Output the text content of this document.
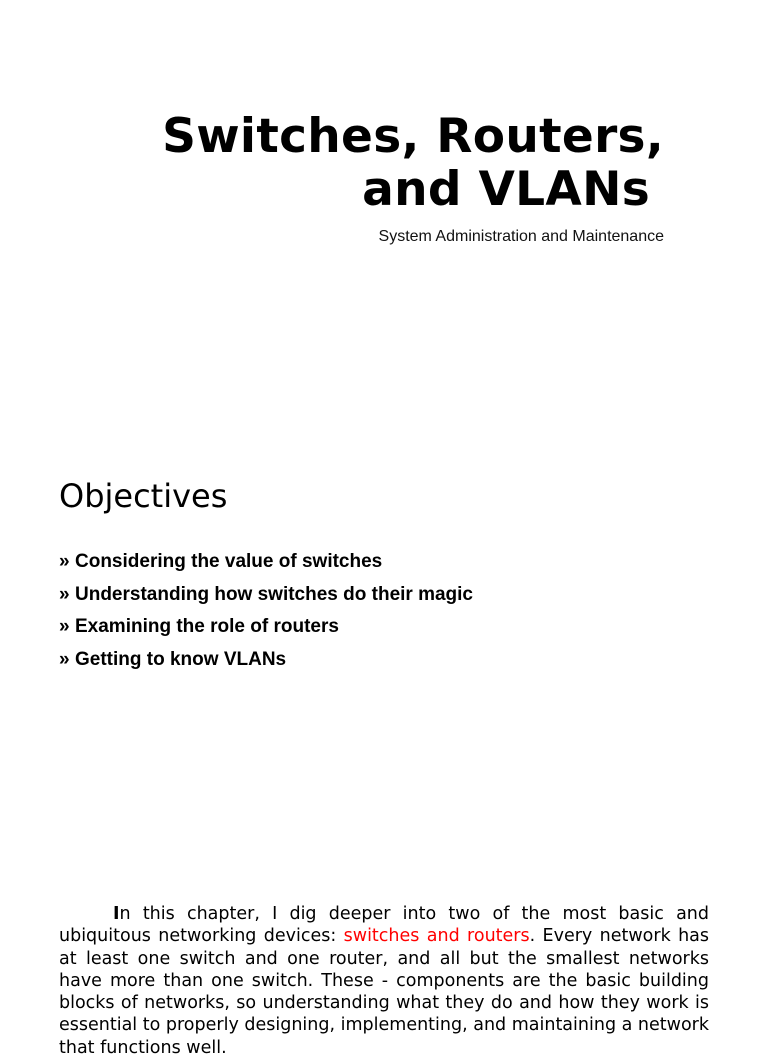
Switches, Routers,
and VLANs
System Administration and Maintenance
Objectives
» Considering the value of switches
» Understanding how switches do their magic
» Examining the role of routers
» Getting to know VLANs

In this chapter, I dig deeper into two of the most basic and ubiquitous networking devices: switches and routers. Every network has at least one switch and one router, and all but the smallest networks have more than one switch. These - components are the basic building blocks of networks, so understanding what they do and how they work is essential to properly designing, implementing, and maintaining a network that functions well.
